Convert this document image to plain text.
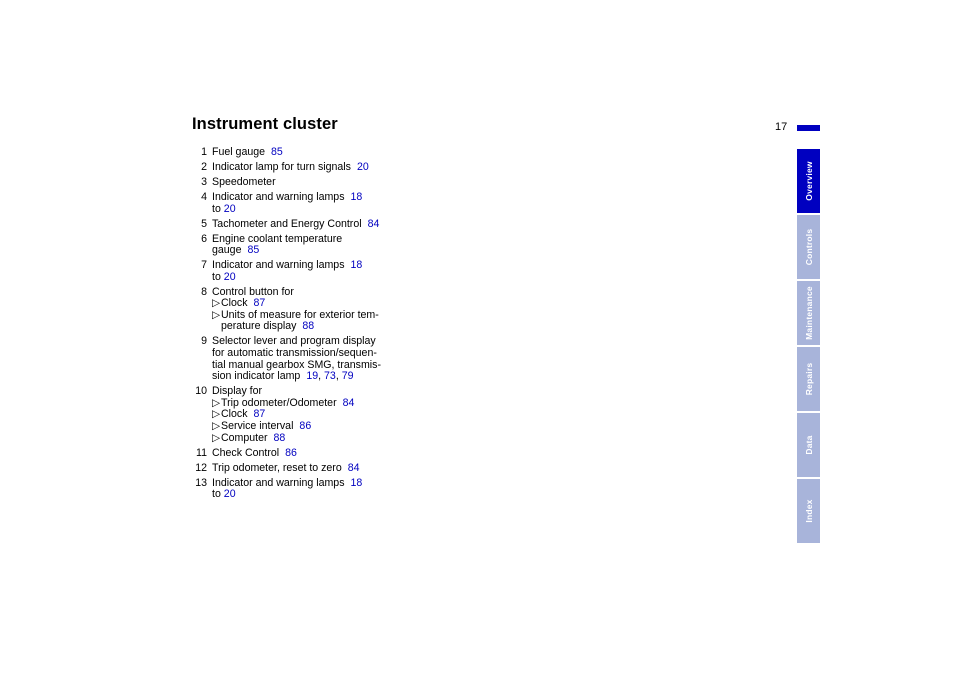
Instrument cluster	17
Overview
Controls
Maintenance
Repairs
Data
Index
1 Fuel gauge 85
2 Indicator lamp for turn signals 20
3 Speedometer
4 Indicator and warning lamps 18
to 20
5 Tachometer and Energy Control 84
6 Engine coolant temperature
gauge 85
7 Indicator and warning lamps 18
to 20
8 Control button for
▷ Clock 87
▷ Units of measure for exterior tem-
perature display 88
9 Selector lever and program display
for automatic transmission/sequen-
tial manual gearbox SMG, transmis-
sion indicator lamp 19, 73, 79
10 Display for
▷ Trip odometer/Odometer 84
▷ Clock 87
▷ Service interval 86
▷ Computer 88
11 Check Control 86
12 Trip odometer, reset to zero 84
13 Indicator and warning lamps 18
to 20
